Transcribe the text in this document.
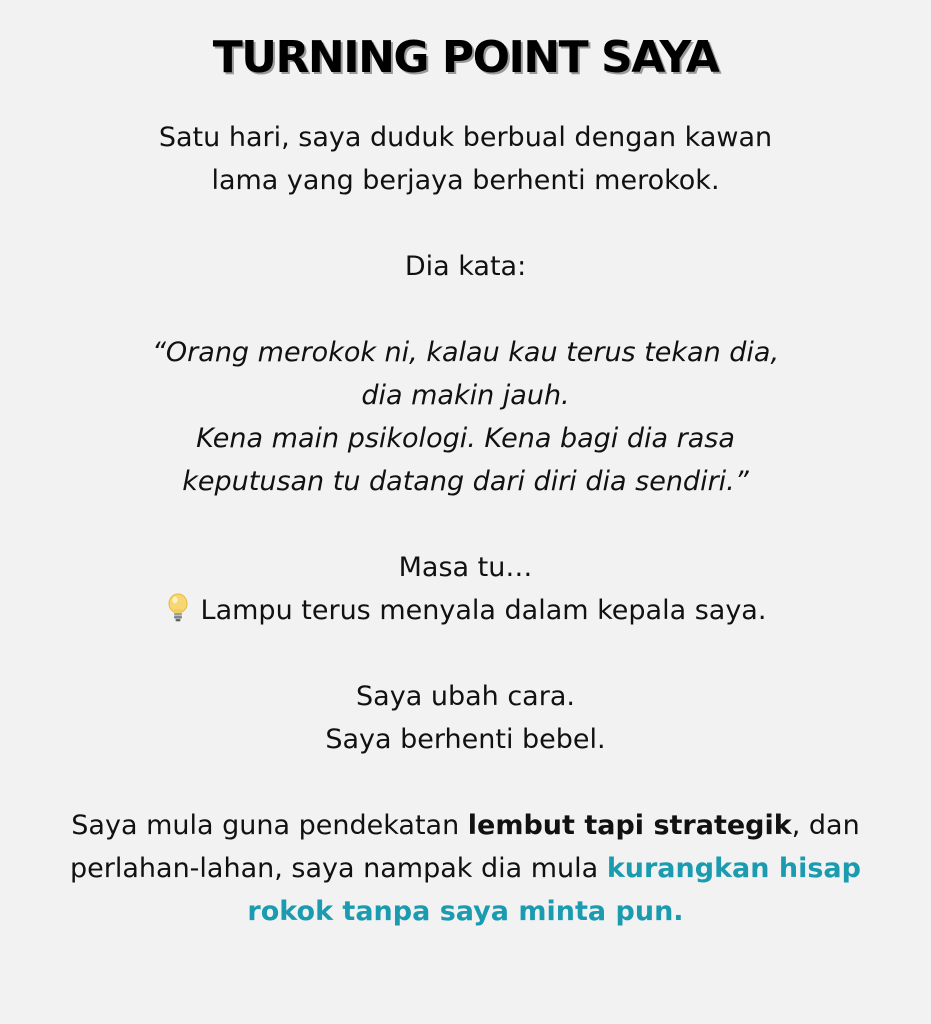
TURNING POINT SAYA

Satu hari, saya duduk berbual dengan kawan

lama yang berjaya berhenti merokok.

Dia kata:

“Orang merokok ni, kalau kau terus tekan dia,

dia makin jauh.

Kena main psikologi. Kena bagi dia rasa

keputusan tu datang dari diri dia sendiri.”

Masa tu…

Lampu terus menyala dalam kepala saya.

Saya ubah cara.

Saya berhenti bebel.

Saya mula guna pendekatan lembut tapi strategik, dan perlahan-lahan, saya nampak dia mula kurangkan hisap rokok tanpa saya minta pun.
